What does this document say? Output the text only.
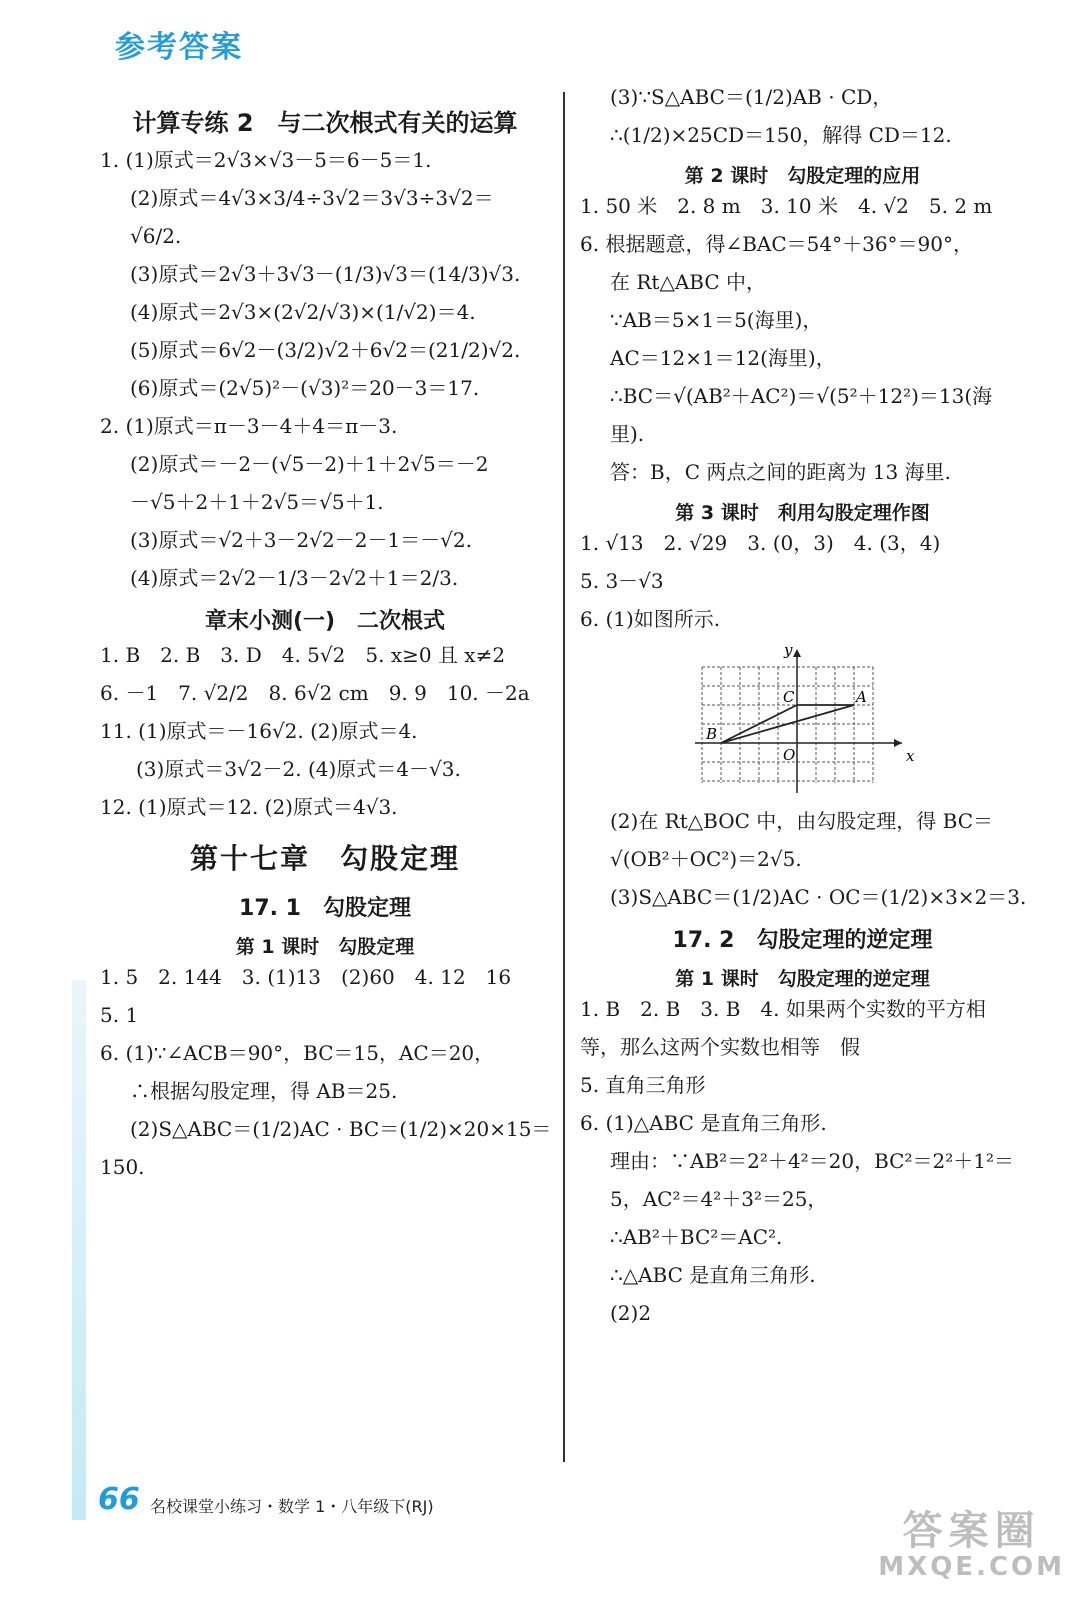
参考答案
计算专练 2　与二次根式有关的运算
1. (1)原式＝2√3×√3－5＝6－5＝1.
(2)原式＝4√3×3/4÷3√2＝3√3÷3√2＝
√6/2.
(3)原式＝2√3＋3√3－(1/3)√3＝(14/3)√3.
(4)原式＝2√3×(2√2/√3)×(1/√2)＝4.
(5)原式＝6√2－(3/2)√2＋6√2＝(21/2)√2.
(6)原式＝(2√5)²－(√3)²＝20－3＝17.
2. (1)原式＝π－3－4＋4＝π－3.
(2)原式＝－2－(√5－2)＋1＋2√5＝－2
－√5＋2＋1＋2√5＝√5＋1.
(3)原式＝√2＋3－2√2－2－1＝－√2.
(4)原式＝2√2－1/3－2√2＋1＝2/3.
章末小测(一)　二次根式
1. B　2. B　3. D　4. 5√2　5. x≥0 且 x≠2
6. －1　7. √2/2　8. 6√2 cm　9. 9　10. －2a
11. (1)原式＝－16√2. (2)原式＝4.
(3)原式＝3√2－2. (4)原式＝4－√3.
12. (1)原式＝12. (2)原式＝4√3.
第十七章　勾股定理
17. 1　勾股定理
第 1 课时　勾股定理
1. 5　2. 144　3. (1)13　(2)60　4. 12　16
5. 1
6. (1)∵∠ACB＝90°，BC＝15，AC＝20，
∴根据勾股定理，得 AB＝25.
(2)S△ABC＝(1/2)AC · BC＝(1/2)×20×15＝
150.
(3)∵S△ABC＝(1/2)AB · CD，
∴(1/2)×25CD＝150，解得 CD＝12.
第 2 课时　勾股定理的应用
1. 50 米　2. 8 m　3. 10 米　4. √2　5. 2 m
6. 根据题意，得∠BAC＝54°＋36°＝90°，
在 Rt△ABC 中，
∵AB＝5×1＝5(海里)，
AC＝12×1＝12(海里)，
∴BC＝√(AB²＋AC²)＝√(5²＋12²)＝13(海
里).
答：B，C 两点之间的距离为 13 海里.
第 3 课时　利用勾股定理作图
1. √13　2. √29　3. (0，3)　4. (3，4)
5. 3－√3
6. (1)如图所示.
y
x
A
B
C
O
(2)在 Rt△BOC 中，由勾股定理，得 BC＝
√(OB²＋OC²)＝2√5.
(3)S△ABC＝(1/2)AC · OC＝(1/2)×3×2＝3.
17. 2　勾股定理的逆定理
第 1 课时　勾股定理的逆定理
1. B　2. B　3. B　4. 如果两个实数的平方相
等，那么这两个实数也相等　假
5. 直角三角形
6. (1)△ABC 是直角三角形.
理由：∵AB²＝2²＋4²＝20，BC²＝2²＋1²＝
5，AC²＝4²＋3²＝25，
∴AB²＋BC²＝AC².
∴△ABC 是直角三角形.
(2)2
66 名校课堂小练习・数学 1・八年级下(RJ)
答案圈
MXQE.COM
